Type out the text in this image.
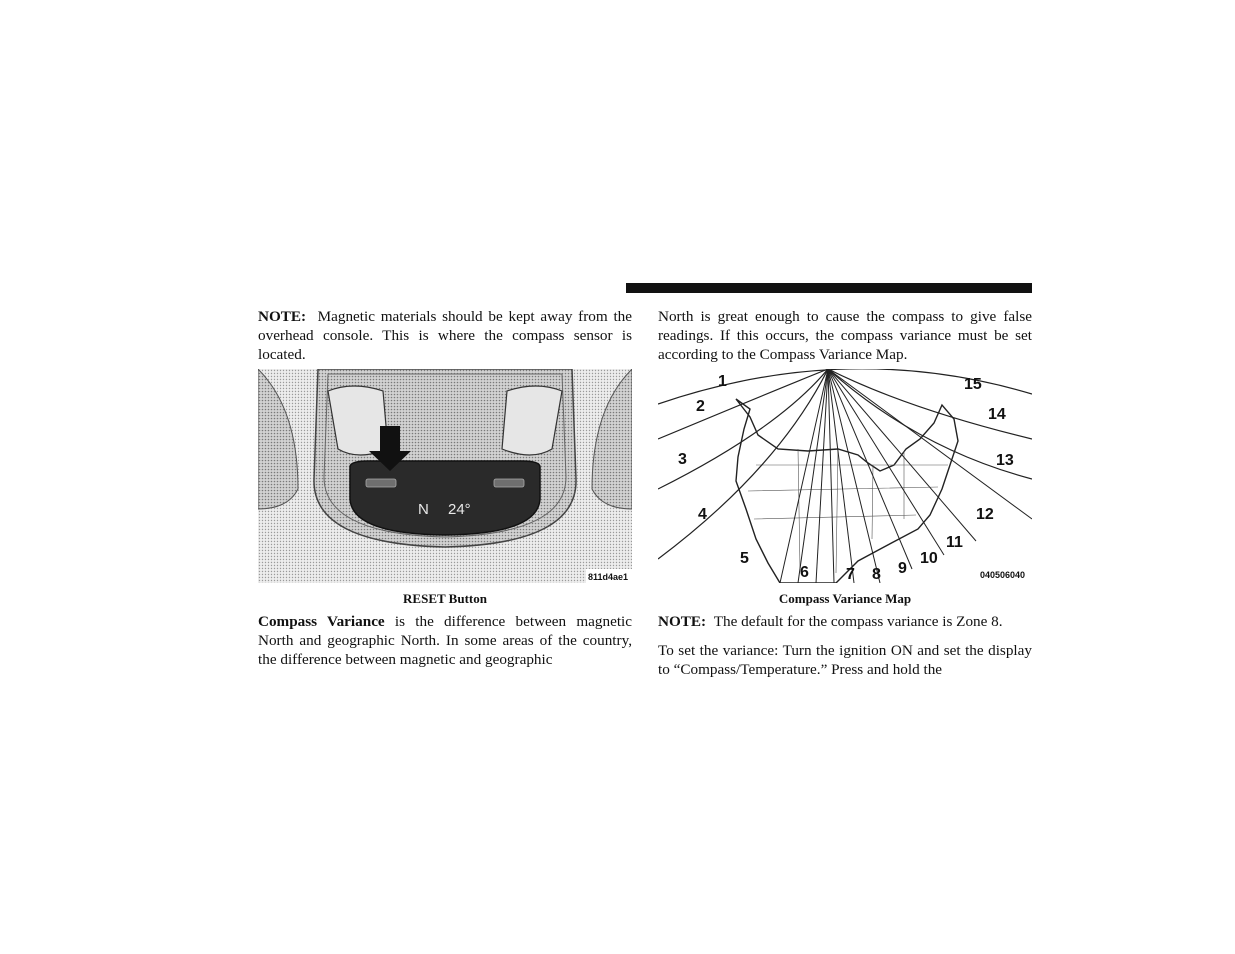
NOTE: Magnetic materials should be kept away from the overhead console. This is where the compass sensor is located.

N 24°
811d4ae1
RESET Button

Compass Variance is the difference between magnetic North and geographic North. In some areas of the country, the difference between magnetic and geographic

North is great enough to cause the compass to give false readings. If this occurs, the compass variance must be set according to the Compass Variance Map.

1
2
3
4
5
6 7 8 9
10
11
12
13
14
15
040506040
Compass Variance Map

NOTE: The default for the compass variance is Zone 8.

To set the variance: Turn the ignition ON and set the display to “Compass/Temperature.” Press and hold the
